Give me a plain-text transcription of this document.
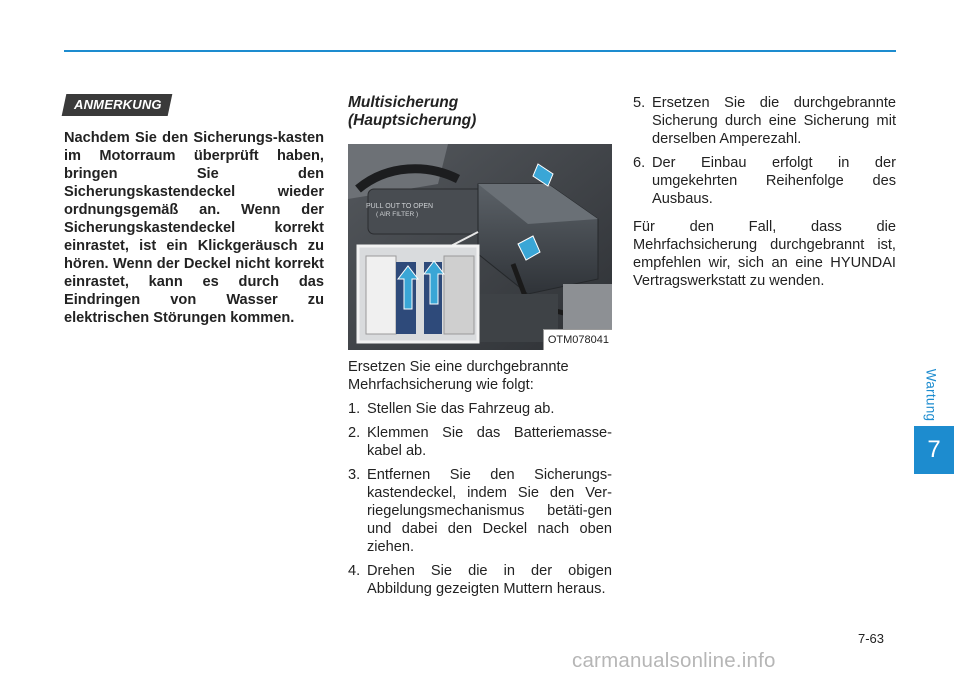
ANMERKUNG

Nachdem Sie den Sicherungs-kasten im Motorraum überprüft haben, bringen Sie den Sicherungskastendeckel wieder ordnungsgemäß an. Wenn der Sicherungskastendeckel korrekt einrastet, ist ein Klickgeräusch zu hören. Wenn der Deckel nicht korrekt einrastet, kann es durch das Eindringen von Wasser zu elektrischen Störungen kommen.

Multisicherung
(Hauptsicherung)
PULL OUT TO OPEN
( AIR FILTER )
OTM078041

Ersetzen Sie eine durchgebrannte Mehrfachsicherung wie folgt:

1. Stellen Sie das Fahrzeug ab.
2. Klemmen Sie das Batteriemasse-kabel ab.
3. Entfernen Sie den Sicherungs-kastendeckel, indem Sie den Ver-riegelungsmechanismus betäti-gen und dabei den Deckel nach oben ziehen.
4. Drehen Sie die in der obigen Abbildung gezeigten Muttern heraus.
5. Ersetzen Sie die durchgebrannte Sicherung durch eine Sicherung mit derselben Amperezahl.
6. Der Einbau erfolgt in der umgekehrten Reihenfolge des Ausbaus.

Für den Fall, dass die Mehrfachsicherung durchgebrannt ist, empfehlen wir, sich an eine HYUNDAI Vertragswerkstatt zu wenden.

Wartung
7
7-63
carmanualsonline.info
